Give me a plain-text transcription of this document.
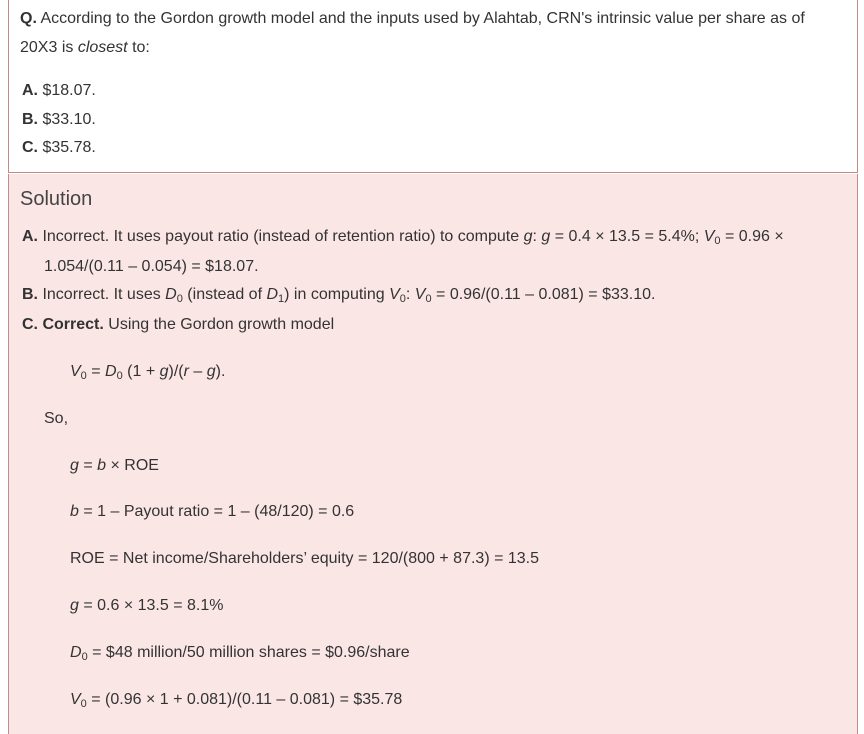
Q. According to the Gordon growth model and the inputs used by Alahtab, CRN's intrinsic value per share as of 20X3 is closest to:
A. $18.07.
B. $33.10.
C. $35.78.
Solution
A. Incorrect. It uses payout ratio (instead of retention ratio) to compute g: g = 0.4 × 13.5 = 5.4%; $V_0 = 0.96$ ×
1.054/(0.11 – 0.054) = $18.07.
B. Incorrect. It uses $D_0$ (instead of $D_1$) in computing $V_0$: $V_0 = 0.96/(0.11 - 0.081)$ = $33.10.
C. Correct. Using the Gordon growth model
$V_0 = D_0$ (1 + g)/(r – g).
So,
g = b × ROE
b = 1 – Payout ratio = 1 – (48/120) = 0.6
ROE = Net income/Shareholders’ equity = 120/(800 + 87.3) = 13.5
g = 0.6 × 13.5 = 8.1%
$D_0$ = $48 million/50 million shares = $0.96/share
$V_0 = (0.96 \times 1 + 0.081)/(0.11 - 0.081)$ = $35.78
